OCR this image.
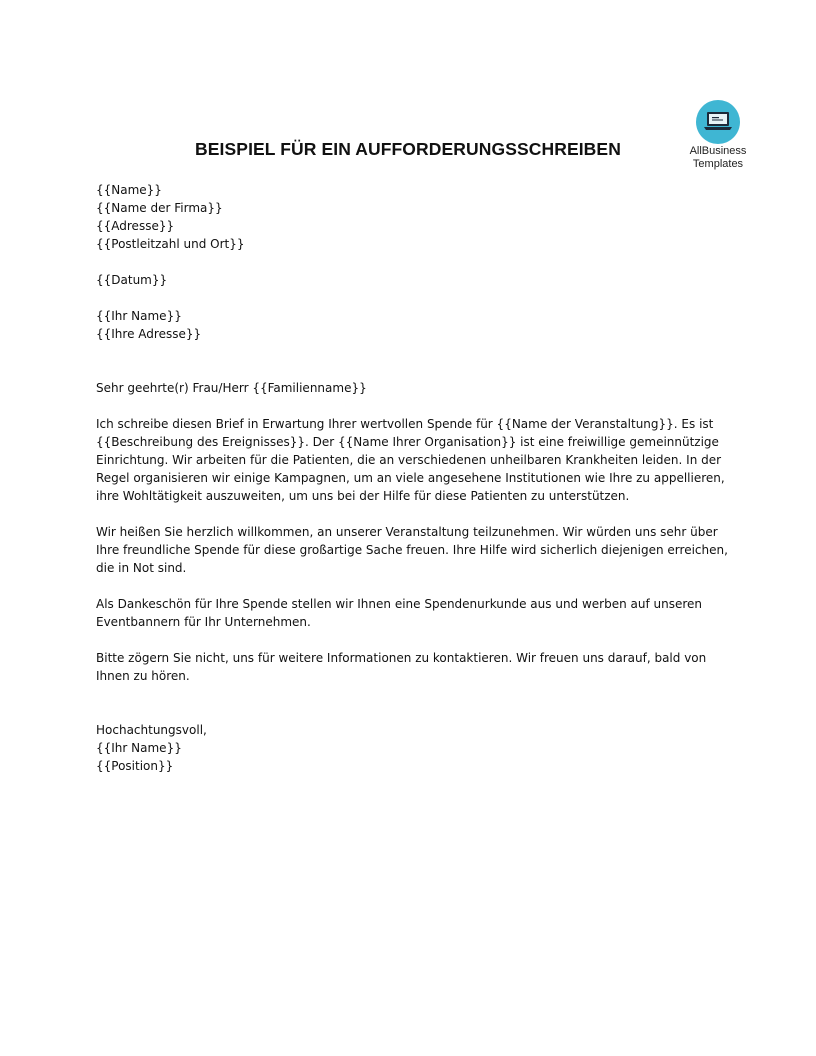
AllBusiness
Templates
BEISPIEL FÜR EIN AUFFORDERUNGSSCHREIBEN
{{Name}}
{{Name der Firma}}
{{Adresse}}
{{Postleitzahl und Ort}}
{{Datum}}
{{Ihr Name}}
{{Ihre Adresse}}
Sehr geehrte(r) Frau/Herr {{Familienname}}
Ich schreibe diesen Brief in Erwartung Ihrer wertvollen Spende für {{Name der Veranstaltung}}. Es ist
{{Beschreibung des Ereignisses}}. Der {{Name Ihrer Organisation}} ist eine freiwillige gemeinnützige
Einrichtung. Wir arbeiten für die Patienten, die an verschiedenen unheilbaren Krankheiten leiden. In der
Regel organisieren wir einige Kampagnen, um an viele angesehene Institutionen wie Ihre zu appellieren,
ihre Wohltätigkeit auszuweiten, um uns bei der Hilfe für diese Patienten zu unterstützen.
Wir heißen Sie herzlich willkommen, an unserer Veranstaltung teilzunehmen. Wir würden uns sehr über
Ihre freundliche Spende für diese großartige Sache freuen. Ihre Hilfe wird sicherlich diejenigen erreichen,
die in Not sind.
Als Dankeschön für Ihre Spende stellen wir Ihnen eine Spendenurkunde aus und werben auf unseren
Eventbannern für Ihr Unternehmen.
Bitte zögern Sie nicht, uns für weitere Informationen zu kontaktieren. Wir freuen uns darauf, bald von
Ihnen zu hören.
Hochachtungsvoll,
{{Ihr Name}}
{{Position}}
